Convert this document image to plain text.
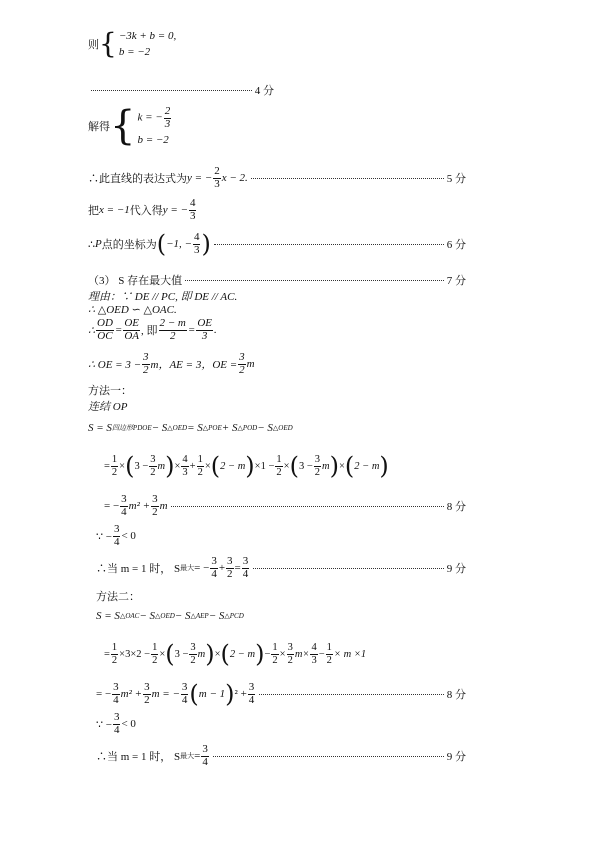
则 { −3k + b = 0,
b = −2
4 分
解得 { k = − $\frac{2}{3}$
b = −2
∴此直线的表达式为 y = − $\frac{2}{3}$ x − 2.	5 分
把 x = −1 代入得 y = − $\frac{4}{3}$
∴ P 点的坐标为 ( −1, − $\frac{4}{3}$ )	6 分
（3） S 存在最大值	7 分
理由：∵ DE // PC, 即 DE // AC.
∴ △OED ∽ △OAC.
∴ $\frac{OD}{OC} = \frac{OE}{OA}$ , 即 $\frac{2 - m}{2} = \frac{OE}{3}$ .
∴ OE = $3 - \frac{3}{2}$ m，AE = 3，OE = $\frac{3}{2}$ m
方法一：
连结 OP
S = S 四边形PDOE − S △OED = S △POE + S △POD − S △OED
= $\frac{1}{2}$ × ( $3 - \frac{3}{2}$ m ) × $\frac{4}{3} + \frac{1}{2}$ × ( 2 − m ) $\times 1 - \frac{1}{2}$ × ( $3 - \frac{3}{2}$ m ) × ( 2 − m )
= − $\frac{3}{4} m^2 + \frac{3}{2}$ m	8 分
∵ − $\frac{3}{4} < 0$
∴当 m = 1 时， S 最大 = − $\frac{3}{4} + \frac{3}{2} = \frac{3}{4}$	9 分
方法二：
S = S △OAC − S △OED − S △AEP − S △PCD
= $\frac{1}{2} \times 3\times 2 - \frac{1}{2}$ × ( $3 - \frac{3}{2}$ m ) × ( 2 − m ) − $\frac{1}{2} \times \frac{3}{2} m\times \frac{4}{3} - \frac{1}{2} \times m \times 1$
= − $\frac{3}{4} m^2 + \frac{3}{2}$ m = − $\frac{3}{4}$ ( m − 1 ) $^2 + \frac{3}{4}$	8 分
∵ − $\frac{3}{4} < 0$
∴当 m = 1 时， S 最大 = $\frac{3}{4}$	9 分
